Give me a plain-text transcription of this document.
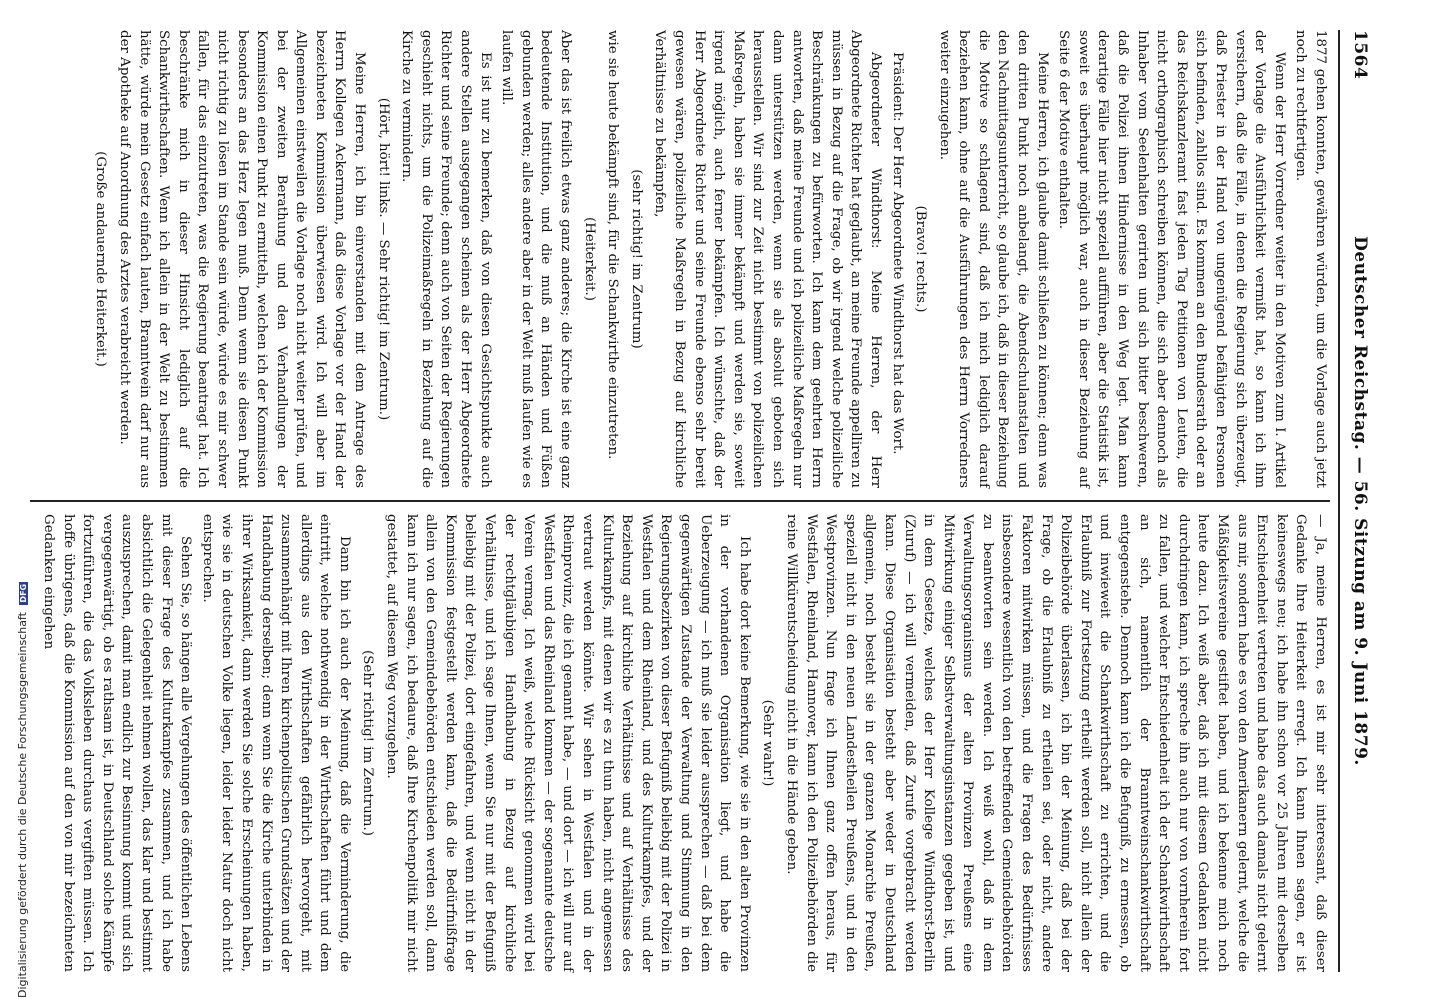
1564
Deutscher Reichstag. — 56. Sitzung am 9. Juni 1879.

1877 gehen konnten, gewähren würden, um die Vorlage auch jetzt noch zu rechtfertigen.

Wenn der Herr Vorredner weiter in den Motiven zum I. Artikel der Vorlage die Ausführlichkeit vermißt hat, so kann ich ihm versichern, daß die Fälle, in denen die Regierung sich überzeugt, daß Priester in der Hand von ungenügend befähigten Personen sich befinden, zahllos sind. Es kommen an den Bundesrath oder an das Reichskanzleramt fast jeden Tag Petitionen von Leuten, die nicht orthographisch schreiben können, die sich aber dennoch als Inhaber vom Seelenhalten gerirten und sich bitter beschweren, daß die Polizei ihnen Hindernisse in den Weg legt. Man kann derartige Fälle hier nicht speziell aufführen, aber die Statistik ist, soweit es überhaupt möglich war, auch in dieser Beziehung auf Seite 6 der Motive enthalten.

Meine Herren, ich glaube damit schließen zu können; denn was den dritten Punkt noch anbelangt, die Abendschulanstalten und den Nachmittagsunterricht, so glaube ich, daß in dieser Beziehung die Motive so schlagend sind, daß ich mich lediglich darauf beziehen kann, ohne auf die Ausführungen des Herrn Vorredners weiter einzugehen.

(Bravo! rechts.)

Präsident: Der Herr Abgeordnete Windthorst hat das Wort.

Abgeordneter Windthorst: Meine Herren, der Herr Abgeordnete Richter hat geglaubt, an meine Freunde appelliren zu müssen in Bezug auf die Frage, ob wir irgend welche polizeiliche Beschränkungen zu befürworten. Ich kann dem geehrten Herrn antworten, daß meine Freunde und ich polizeiliche Maßregeln nur dann unterstützen werden, wenn sie als absolut geboten sich herausstellen. Wir sind zur Zeit nicht bestimmt von polizeilichen Maßregeln, haben sie immer bekämpft und werden sie, soweit irgend möglich, auch ferner bekämpfen. Ich wünschte, daß der Herr Abgeordnete Richter und seine Freunde ebenso sehr bereit gewesen wären, polizeiliche Maßregeln in Bezug auf kirchliche Verhältnisse zu bekämpfen,

(sehr richtig! im Zentrum)

wie sie heute bekämpft sind, für die Schankwirthe einzutreten.

(Heiterkeit.)

Aber das ist freilich etwas ganz anderes; die Kirche ist eine ganz bedeutende Institution, und die muß an Händen und Füßen gebunden werden; alles andere aber in der Welt muß laufen wie es laufen will.

Es ist nur zu bemerken, daß von diesen Gesichtspunkte auch andere Stellen ausgegangen scheinen als der Herr Abgeordnete Richter und seine Freunde; denn auch von Seiten der Regierungen geschieht nichts, um die Polizeimaßregeln in Beziehung auf die Kirche zu vermindern.

(Hört, hört! links. — Sehr richtig! im Zentrum.)

Meine Herren, ich bin einverstanden mit dem Antrage des Herrn Kollegen Ackermann, daß diese Vorlage vor der Hand der bezeichneten Kommission überwiesen wird. Ich will aber im Allgemeinen einstweilen die Vorlage noch nicht weiter prüfen, und bei der zweiten Berathung und den Verhandlungen der Kommission einen Punkt zu ermitteln, welchen ich der Kommission besonders an das Herz legen muß. Denn wenn sie diesen Punkt nicht richtig zu lösen im Stande sein würde, würde es mir schwer fallen, für das einzutreten, was die Regierung beantragt hat. Ich beschränke mich in dieser Hinsicht lediglich auf die Schankwirthschaften. Wenn ich allein in der Welt zu bestimmen hätte, würde mein Gesetz einfach lauten, Branntwein darf nur aus der Apotheke auf Anordnung des Arztes verabreicht werden.

(Große andauernde Heiterkeit.)

— Ja, meine Herren, es ist mir sehr interessant, daß dieser Gedanke Ihre Heiterkeit erregt. Ich kann Ihnen sagen, er ist keineswegs neu; ich habe ihn schon vor 25 Jahren mit derselben Entschiedenheit vertreten und habe das auch damals nicht gelernt aus mir, sondern habe es von den Amerikanern gelernt, welche die Mäßigkeitsvereine gestiftet haben, und ich bekenne mich noch heute dazu. Ich weiß aber, daß ich mit diesem Gedanken nicht durchdringen kann, ich spreche ihn auch nur von vornherein fort zu fallen, und welcher Entschiedenheit ich der Schankwirthschaft an sich, namentlich der Branntweinschankwirthschaft entgegenstehe. Dennoch kann ich die Befugniß, zu ermessen, ob und inwieweit die Schankwirthschaft zu errichten, und die Erlaubniß zur Fortsetzung ertheilt werden soll, nicht allein der Polizeibehörde überlassen, ich bin der Meinung, daß bei der Frage, ob die Erlaubniß zu ertheilen sei, oder nicht, andere Faktoren mitwirken müssen, und die Fragen des Bedürfnisses insbesondere wesentlich von den betreffenden Gemeindebehörden zu beantworten sein werden. Ich weiß wohl, daß in dem Verwaltungsorganismus der alten Provinzen Preußens eine Mitwirkung einiger Selbstverwaltungsinstanzen gegeben ist, und in dem Gesetze, welches der Herr Kollege Windthorst-Berlin (Zuruf) — ich will vermeiden, daß Zurufe vorgebracht werden kann. Diese Organisation besteht aber weder in Deutschland allgemein, noch besteht sie in der ganzen Monarchie Preußen, speziell nicht in den neuen Landestheilen Preußens, und in den Westprovinzen. Nun frage ich Ihnen ganz offen heraus, für Westfalen, Rheinland, Hannover, kann ich den Polizeibehörden die reine Willkürentscheidung nicht in die Hände geben.

(Sehr wahr!)

Ich habe dort keine Bemerkung, wie sie in den alten Provinzen in der vorhandenen Organisation liegt, und habe die Ueberzeugung — ich muß sie leider aussprechen — daß bei dem gegenwärtigen Zustande der Verwaltung und Stimmung in den Regierungsbezirken von dieser Befugniß beliebig mit der Polizei in Westfalen und dem Rheinland, und des Kulturkampfes, und der Beziehung auf kirchliche Verhältnisse und auf Verhältnisse des Kulturkampfs, mit denen wir es zu thun haben, nicht angemessen vertraut werden könnte. Wir sehen in Westfalen und in der Rheinprovinz, die ich genannt habe, — und dort — ich will nur auf Westfalen und das Rheinland kommen — der sogenannte deutsche Verein vermag. Ich weiß, welche Rücksicht genommen wird bei der rechtgläubigen Handhabung in Bezug auf kirchliche Verhältnisse, und ich sage Ihnen, wenn Sie nur mit der Befugniß beliebig mit der Polizei, dort eingefahren, und wenn nicht in der Kommission festgestellt werden kann, daß die Bedürfnißfrage allein von den Gemeindebehörden entschieden werden soll, dann kann ich nur sagen, ich bedaure, daß Ihre Kirchenpolitik mir nicht gestattet, auf diesem Weg vorzugehen.

(Sehr richtig! im Zentrum.)

Dann bin ich auch der Meinung, daß die Verminderung, die eintritt, welche nothwendig in der Wirthschaften führt und dem allerdings aus den Wirthschaften gefährlich hervorgeht, mit zusammenhängt mit Ihren kirchenpolitischen Grundsätzen und der Handhabung derselben; denn wenn Sie die Kirche unterbinden in ihrer Wirksamkeit, dann werden Sie solche Erscheinungen haben, wie sie in deutschen Volke liegen, leider leider Natur doch nicht entsprechen.

Sehen Sie, so hängen alle Vergehungen des öffentlichen Lebens mit dieser Frage des Kulturkampfes zusammen, und ich habe absichtlich die Gelegenheit nehmen wollen, das klar und bestimmt auszusprechen, damit man endlich zur Besinnung kommt und sich vergegenwärtigt, ob es rathsam ist, in Deutschland solche Kämpfe fortzuführen, die das Volksleben durchaus vergiften müssen. Ich hoffe übrigens, daß die Kommission auf den von mir bezeichneten Gedanken eingehen

Digitalisierung gefördert durch die Deutsche Forschungsgemeinschaft DFG
